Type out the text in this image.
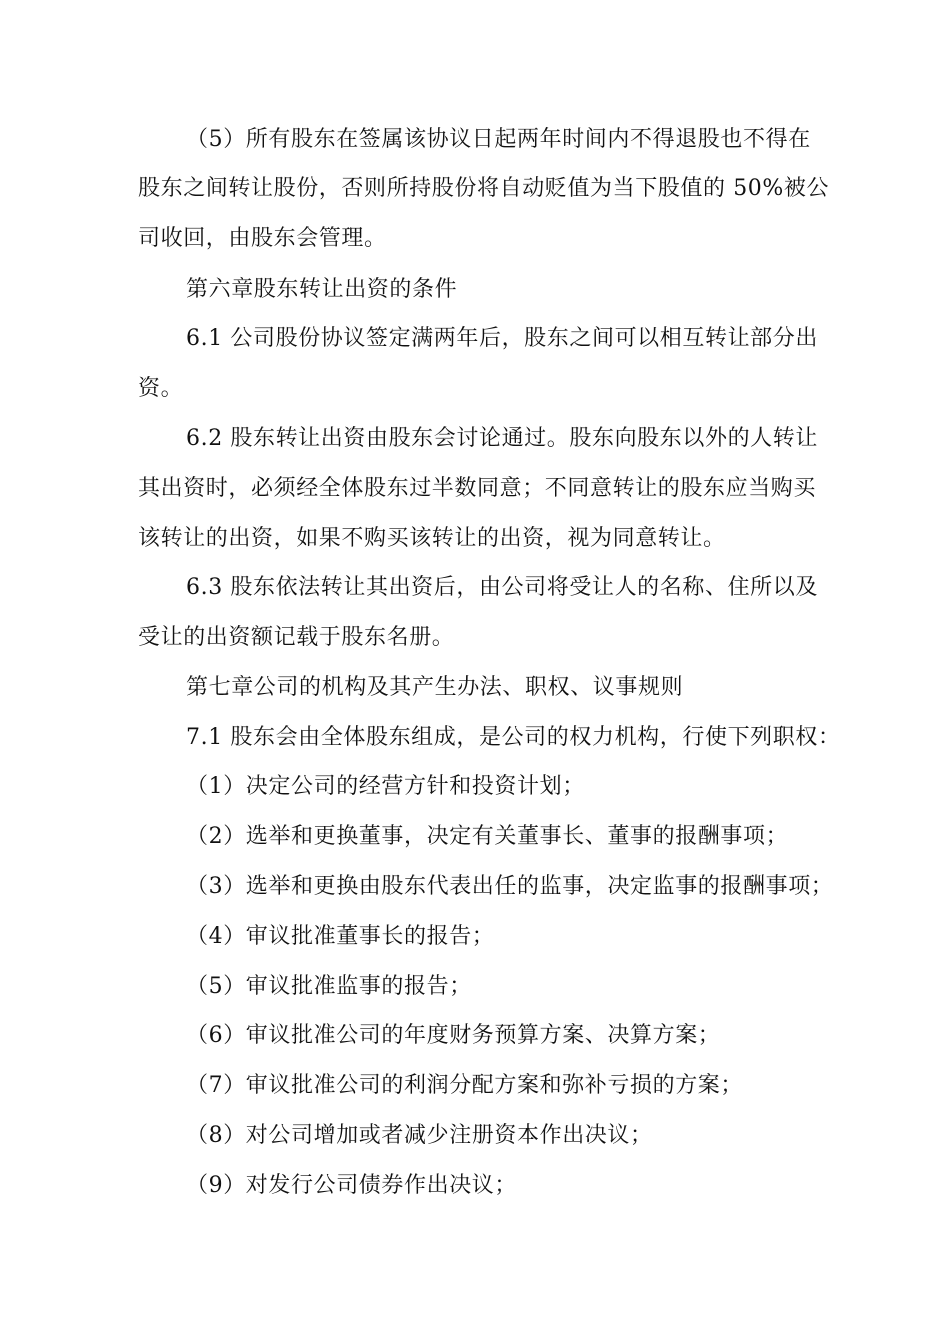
（5）所有股东在签属该协议日起两年时间内不得退股也不得在
股东之间转让股份，否则所持股份将自动贬值为当下股值的 50%被公
司收回，由股东会管理。
第六章股东转让出资的条件
6.1 公司股份协议签定满两年后，股东之间可以相互转让部分出
资。
6.2 股东转让出资由股东会讨论通过。股东向股东以外的人转让
其出资时，必须经全体股东过半数同意；不同意转让的股东应当购买
该转让的出资，如果不购买该转让的出资，视为同意转让。
6.3 股东依法转让其出资后，由公司将受让人的名称、住所以及
受让的出资额记载于股东名册。
第七章公司的机构及其产生办法、职权、议事规则
7.1 股东会由全体股东组成，是公司的权力机构，行使下列职权：
（1）决定公司的经营方针和投资计划；
（2）选举和更换董事，决定有关董事长、董事的报酬事项；
（3）选举和更换由股东代表出任的监事，决定监事的报酬事项；
（4）审议批准董事长的报告；
（5）审议批准监事的报告；
（6）审议批准公司的年度财务预算方案、决算方案；
（7）审议批准公司的利润分配方案和弥补亏损的方案；
（8）对公司增加或者减少注册资本作出决议；
（9）对发行公司债券作出决议；
